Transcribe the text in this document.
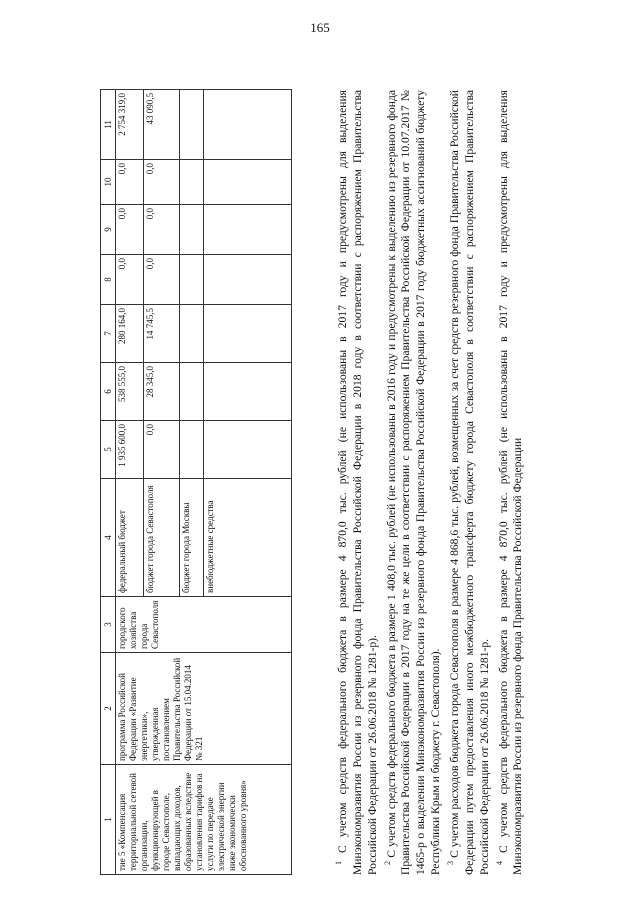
165
1	2	3	4	5	6	7	8	9	10	11
тие 5 «Компенсация территориальной сетевой организации, функционирующей в городе Севастополе, выпадающих доходов, образованных вследствие установления тарифов на услуги по передаче электрической энергии ниже экономически обоснованного уровня»	программа Российской Федерации «Развитие энергетики», утвержденная постановлением Правительства Российской Федерации от 15.04.2014 № 321	городского хозяйства города Севастополя	федеральный бюджет	1 935 600,0	538 555,0	280 164,0	0,0	0,0	0,0	2 754 319,0
			бюджет города Севастополя	0,0	28 345,0	14 745,5	0,0	0,0	0,0	43 090,5
			бюджет города Москвы							
			внебюджетные средства							

$^1$ С учетом средств федерального бюджета в размере 4 870,0 тыс. рублей (не использованы в 2017 году и предусмотрены для выделения Минэкономразвития России из резервного фонда Правительства Российской Федерации в 2018 году в соответствии с распоряжением Правительства Российской Федерации от 26.06.2018 № 1281-р). $^2$ С учетом средств федерального бюджета в размере 1 408,0 тыс. рублей (не использованы в 2016 году и предусмотрены к выделению из резервного фонда Правительства Российской Федерации в 2017 году на те же цели в соответствии с распоряжением Правительства Российской Федерации от 10.07.2017 № 1465-р о выделении Минэкономразвития России из резервного фонда Правительства Российской Федерации в 2017 году бюджетных ассигнований бюджету Республики Крым и бюджету г. Севастополя). $^3$ С учетом расходов бюджета города Севастополя в размере 4 868,6 тыс. рублей, возмещенных за счет средств резервного фонда Правительства Российской Федерации путем предоставления иного межбюджетного трансферта бюджету города Севастополя в соответствии с распоряжением Правительства Российской Федерации от 26.06.2018 № 1281-р. $^4$ С учетом средств федерального бюджета в размере 4 870,0 тыс. рублей (не использованы в 2017 году и предусмотрены для выделения Минэкономразвития России из резервного фонда Правительства Российской Федерации
